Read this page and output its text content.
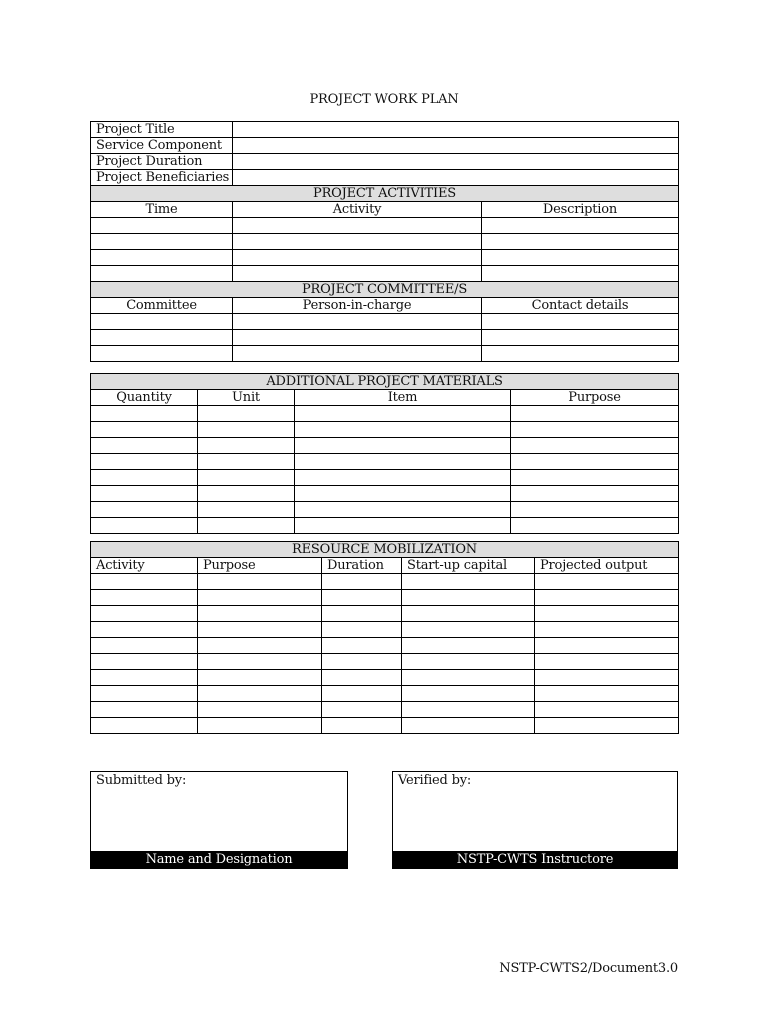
PROJECT WORK PLAN
Project Title		
Service Component		
Project Duration		
Project Beneficiaries		
PROJECT ACTIVITIES		
Time	Activity	Description

PROJECT COMMITTEE/S		
Committee	Person-in-charge	Contact details

ADDITIONAL PROJECT MATERIALS			
Quantity	Unit	Item	Purpose

RESOURCE MOBILIZATION				
Activity	Purpose	Duration	Start-up capital	Projected output

Submitted by:
Name and Designation
Verified by:
NSTP-CWTS Instructore
NSTP-CWTS2/Document3.0
